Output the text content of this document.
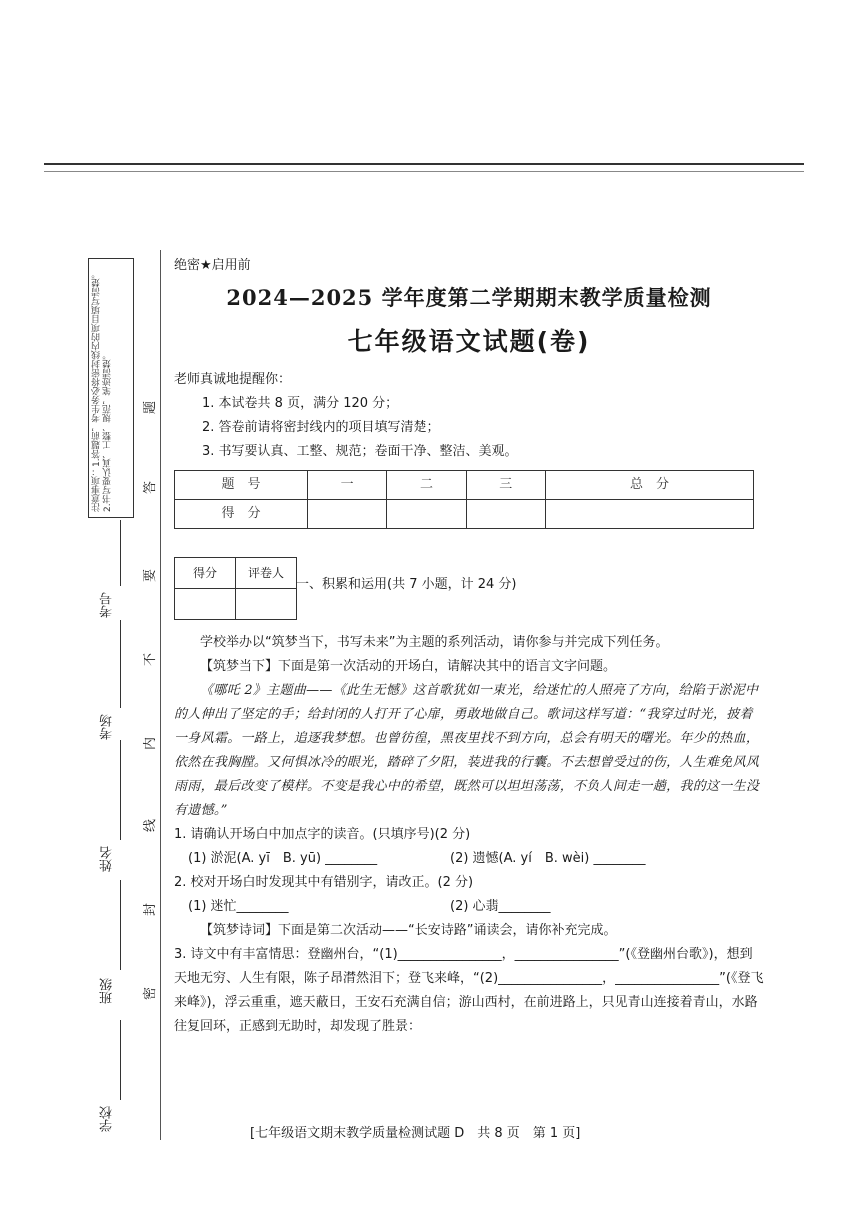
注意事项：1.答题前，考生务必将密封线内的项目填写清楚。2.书写要认真、工整、规范，笔迹清楚。
学校
班级
姓名
考场
考号
题
答
要
不
内
线
封
密

绝密★启用前

2024—2025 学年度第二学期期末教学质量检测

七年级语文试题(卷)

老师真诚地提醒你：

1. 本试卷共 8 页，满分 120 分；

2. 答卷前请将密封线内的项目填写清楚；

3. 书写要认真、工整、规范；卷面干净、整洁、美观。

题　号	一	二	三	总　分
得　分				
得分	评卷人

一、积累和运用(共 7 小题，计 24 分)

学校举办以“筑梦当下，书写未来”为主题的系列活动，请你参与并完成下列任务。

【筑梦当下】下面是第一次活动的开场白，请解决其中的语言文字问题。

《哪吒 2》主题曲——《此生无憾》这首歌犹如一束光，给迷忙的人照亮了方向，给陷于淤泥中的人伸出了坚定的手；给封闭的人打开了心扉，勇敢地做自己。歌词这样写道：“我穿过时光，披着一身风霜。一路上，追逐我梦想。也曾彷徨，黑夜里找不到方向，总会有明天的曙光。年少的热血，依然在我胸膛。又何惧冰冷的眼光，踏碎了夕阳，装进我的行囊。不去想曾受过的伤，人生难免风风雨雨，最后改变了模样。不变是我心中的希望，既然可以坦坦荡荡，不负人间走一趟，我的这一生没有遗憾。”

1. 请确认开场白中加点字的读音。(只填序号)(2 分)

(1) 淤泥(A. yī　B. yū) ________	(2) 遗憾(A. yí　B. wèi) ________

2. 校对开场白时发现其中有错别字，请改正。(2 分)

(1) 迷忙________	(2) 心翡________

【筑梦诗词】下面是第二次活动——“长安诗路”诵读会，请你补充完成。

3. 诗文中有丰富情思：登幽州台，“(1)________________，________________”(《登幽州台歌》)，想到天地无穷、人生有限，陈子昂潸然泪下；登飞来峰，“(2)________________，________________”(《登飞来峰》)，浮云重重，遮天蔽日，王安石充满自信；游山西村，在前进路上，只见青山连接着青山，水路往复回环，正感到无助时，却发现了胜景：

[七年级语文期末教学质量检测试题 D　共 8 页　第 1 页]
